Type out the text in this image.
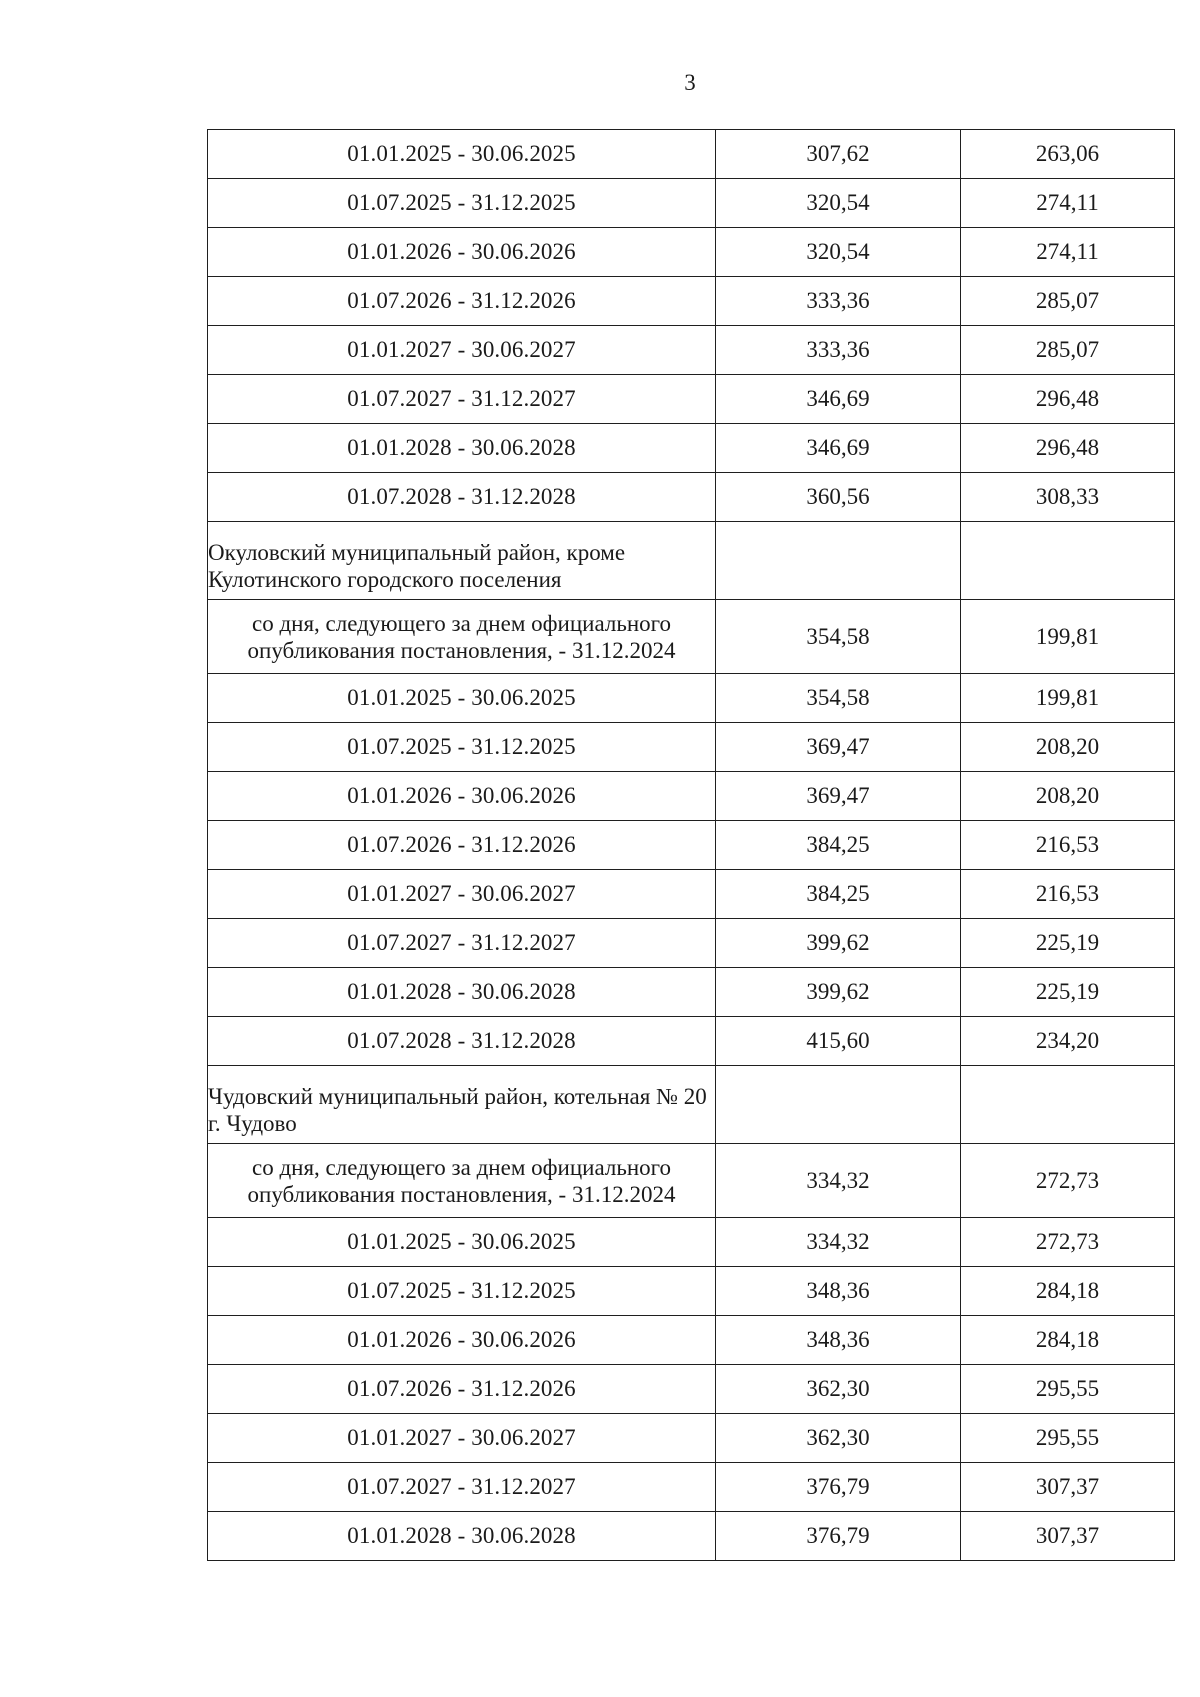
3
01.01.2025 - 30.06.2025	307,62	263,06
01.07.2025 - 31.12.2025	320,54	274,11
01.01.2026 - 30.06.2026	320,54	274,11
01.07.2026 - 31.12.2026	333,36	285,07
01.01.2027 - 30.06.2027	333,36	285,07
01.07.2027 - 31.12.2027	346,69	296,48
01.01.2028 - 30.06.2028	346,69	296,48
01.07.2028 - 31.12.2028	360,56	308,33

Окуловский муниципальный район, кроме Кулотинского городского поселения		

со дня, следующего за днем официального опубликования постановления, - 31.12.2024	354,58	199,81
01.01.2025 - 30.06.2025	354,58	199,81
01.07.2025 - 31.12.2025	369,47	208,20
01.01.2026 - 30.06.2026	369,47	208,20
01.07.2026 - 31.12.2026	384,25	216,53
01.01.2027 - 30.06.2027	384,25	216,53
01.07.2027 - 31.12.2027	399,62	225,19
01.01.2028 - 30.06.2028	399,62	225,19
01.07.2028 - 31.12.2028	415,60	234,20

Чудовский муниципальный район, котельная № 20 г. Чудово		

со дня, следующего за днем официального опубликования постановления, - 31.12.2024	334,32	272,73
01.01.2025 - 30.06.2025	334,32	272,73
01.07.2025 - 31.12.2025	348,36	284,18
01.01.2026 - 30.06.2026	348,36	284,18
01.07.2026 - 31.12.2026	362,30	295,55
01.01.2027 - 30.06.2027	362,30	295,55
01.07.2027 - 31.12.2027	376,79	307,37
01.01.2028 - 30.06.2028	376,79	307,37
